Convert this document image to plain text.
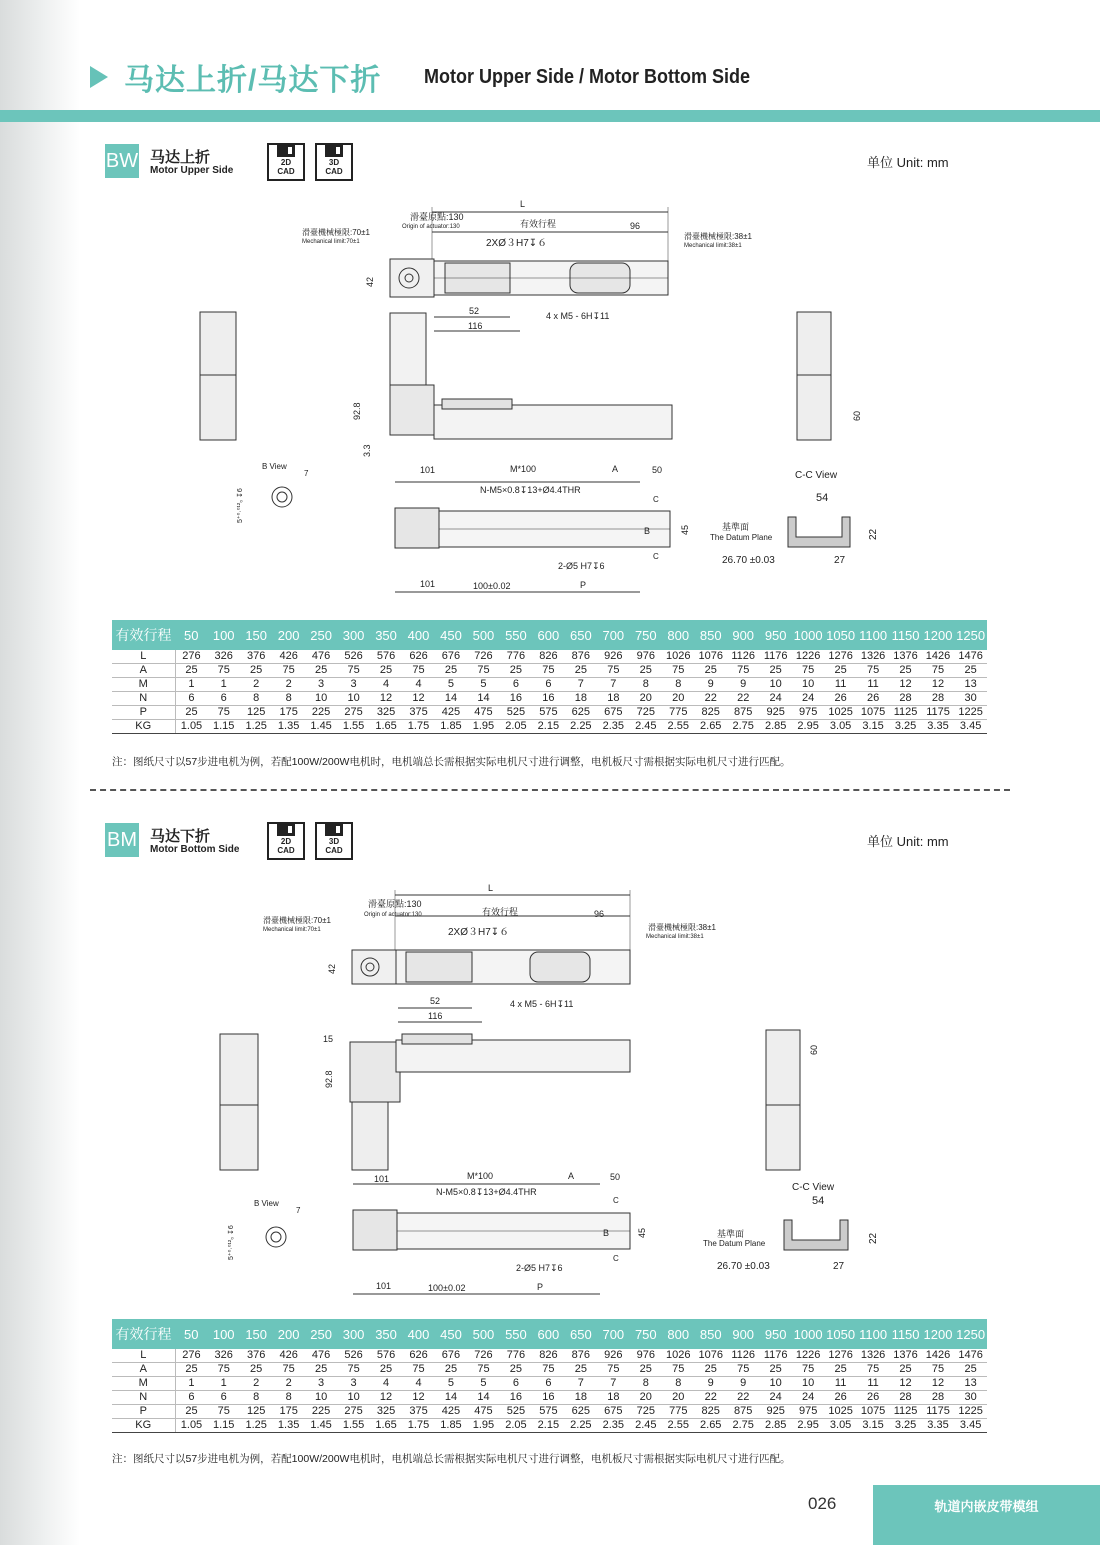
马达上折/马达下折 Motor Upper Side / Motor Bottom Side
BW 马达上折
Motor Upper Side
2D
CAD
3D
CAD
单位 Unit: mm
L
滑臺原點:130
Origin of actuator:130	有效行程	96
滑臺機械極限:70±1
Mechanical limit:70±1
滑臺機械極限:38±1
Mechanical limit:38±1
2XØ３H7↧６
42
52
116
4 x M5 - 6H↧11
92.8
3.3
60
B View
7
5⁺⁰·⁰¹²₀ ↧6
101	M*100	A	50
N-M5×0.8↧13+Ø4.4THR
C
C
B	45
2-Ø5 H7↧6
101	100±0.02	P
C-C View
54
基準面
The Datum Plane	22
26.70 ±0.03	27
有效行程	50	100	150	200	250	300	350	400	450	500	550	600	650	700	750	800	850	900	950	1000	1050	1100	1150	1200	1250
L	276	326	376	426	476	526	576	626	676	726	776	826	876	926	976	1026	1076	1126	1176	1226	1276	1326	1376	1426	1476
A	25	75	25	75	25	75	25	75	25	75	25	75	25	75	25	75	25	75	25	75	25	75	25	75	25
M	1	1	2	2	3	3	4	4	5	5	6	6	7	7	8	8	9	9	10	10	11	11	12	12	13
N	6	6	8	8	10	10	12	12	14	14	16	16	18	18	20	20	22	22	24	24	26	26	28	28	30
P	25	75	125	175	225	275	325	375	425	475	525	575	625	675	725	775	825	875	925	975	1025	1075	1125	1175	1225
KG	1.05	1.15	1.25	1.35	1.45	1.55	1.65	1.75	1.85	1.95	2.05	2.15	2.25	2.35	2.45	2.55	2.65	2.75	2.85	2.95	3.05	3.15	3.25	3.35	3.45
注：图纸尺寸以57步进电机为例，若配100W/200W电机时，电机端总长需根据实际电机尺寸进行调整，电机板尺寸需根据实际电机尺寸进行匹配。
BM 马达下折
Motor Bottom Side
2D
CAD
3D
CAD
单位 Unit: mm
L
滑臺原點:130
Origin of actuator:130	有效行程	96
滑臺機械極限:70±1
Mechanical limit:70±1	滑臺機械極限:38±1
Mechanical limit:38±1
2XØ３H7↧６
42
52
116
4 x M5 - 6H↧11
15
92.8
60
B View
7
5⁺⁰·⁰¹²₀ ↧6
101	M*100	A	50
N-M5×0.8↧13+Ø4.4THR
C
C
B	45
2-Ø5 H7↧6
101	100±0.02	P
C-C View
54
基準面
The Datum Plane	22
26.70 ±0.03	27
有效行程	50	100	150	200	250	300	350	400	450	500	550	600	650	700	750	800	850	900	950	1000	1050	1100	1150	1200	1250
L	276	326	376	426	476	526	576	626	676	726	776	826	876	926	976	1026	1076	1126	1176	1226	1276	1326	1376	1426	1476
A	25	75	25	75	25	75	25	75	25	75	25	75	25	75	25	75	25	75	25	75	25	75	25	75	25
M	1	1	2	2	3	3	4	4	5	5	6	6	7	7	8	8	9	9	10	10	11	11	12	12	13
N	6	6	8	8	10	10	12	12	14	14	16	16	18	18	20	20	22	22	24	24	26	26	28	28	30
P	25	75	125	175	225	275	325	375	425	475	525	575	625	675	725	775	825	875	925	975	1025	1075	1125	1175	1225
KG	1.05	1.15	1.25	1.35	1.45	1.55	1.65	1.75	1.85	1.95	2.05	2.15	2.25	2.35	2.45	2.55	2.65	2.75	2.85	2.95	3.05	3.15	3.25	3.35	3.45
注：图纸尺寸以57步进电机为例，若配100W/200W电机时，电机端总长需根据实际电机尺寸进行调整，电机板尺寸需根据实际电机尺寸进行匹配。
026	轨道内嵌皮带模组
